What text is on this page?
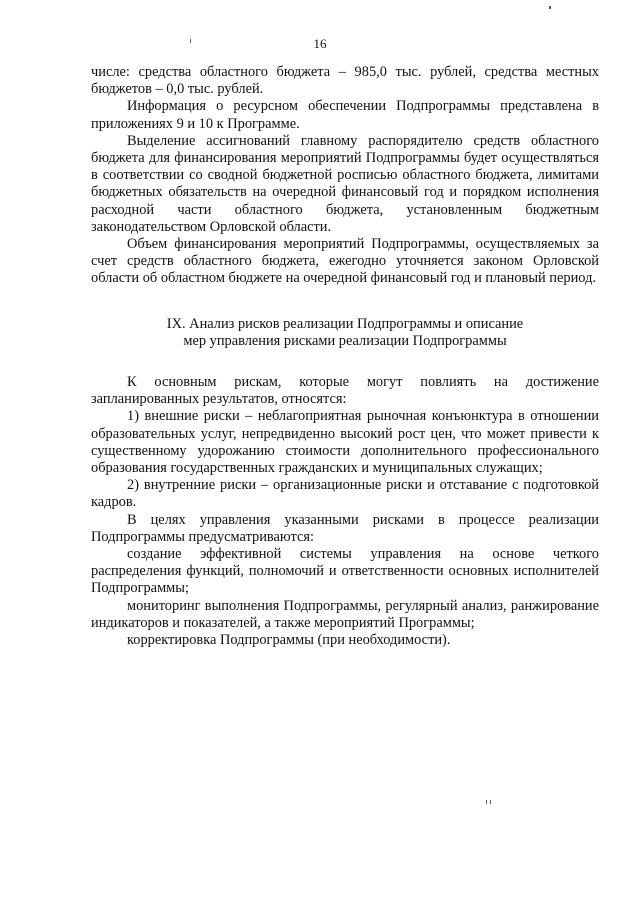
16

числе: средства областного бюджета – 985,0 тыс. рублей, средства местных бюджетов – 0,0 тыс. рублей.

Информация о ресурсном обеспечении Подпрограммы представлена в приложениях 9 и 10 к Программе.

Выделение ассигнований главному распорядителю средств областного бюджета для финансирования мероприятий Подпрограммы будет осуществляться в соответствии со сводной бюджетной росписью областного бюджета, лимитами бюджетных обязательств на очередной финансовый год и порядком исполнения расходной части областного бюджета, установленным бюджетным законодательством Орловской области.

Объем финансирования мероприятий Подпрограммы, осуществляемых за счет средств областного бюджета, ежегодно уточняется законом Орловской области об областном бюджете на очередной финансовый год и плановый период.

IX. Анализ рисков реализации Подпрограммы и описание
мер управления рисками реализации Подпрограммы

К основным рискам, которые могут повлиять на достижение запланированных результатов, относятся:

1) внешние риски – неблагоприятная рыночная конъюнктура в отношении образовательных услуг, непредвиденно высокий рост цен, что может привести к существенному удорожанию стоимости дополнительного профессионального образования государственных гражданских и муниципальных служащих;

2) внутренние риски – организационные риски и отставание с подготовкой кадров.

В целях управления указанными рисками в процессе реализации Подпрограммы предусматриваются:

создание эффективной системы управления на основе четкого распределения функций, полномочий и ответственности основных исполнителей Подпрограммы;

мониторинг выполнения Подпрограммы, регулярный анализ, ранжирование индикаторов и показателей, а также мероприятий Программы;

корректировка Подпрограммы (при необходимости).
